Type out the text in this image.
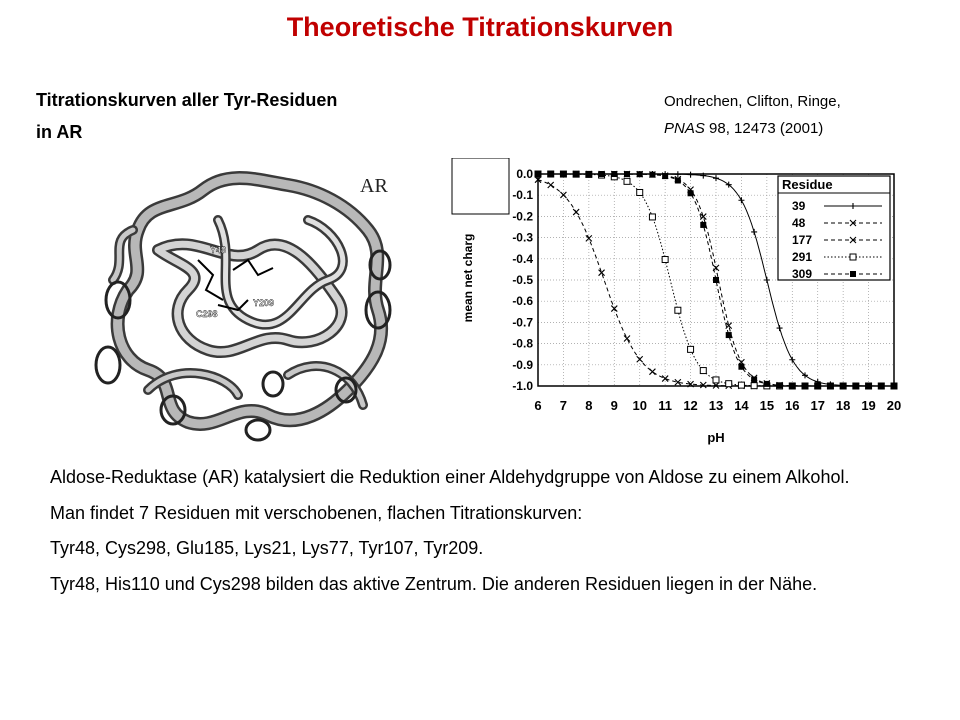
Theoretische Titrationskurven
Titrationskurven aller Tyr-Residuen
in AR
Ondrechen, Clifton, Ringe,
PNAS 98, 12473 (2001)
AR
Y48
C298
Y209
6 7 8 9 10 11 12 13 14 15 16 17 18 19 20
0.0
-0.1
-0.2
-0.3
-0.4
-0.5
-0.6
-0.7
-0.8
-0.9
-1.0
Residue
39
48
177
291
309
mean net charg
pH

Aldose-Reduktase (AR) katalysiert die Reduktion einer Aldehydgruppe von Aldose zu einem Alkohol.

Man findet 7 Residuen mit verschobenen, flachen Titrationskurven:

Tyr48, Cys298, Glu185, Lys21, Lys77, Tyr107, Tyr209.

Tyr48, His110 und Cys298 bilden das aktive Zentrum. Die anderen Residuen liegen in der Nähe.
